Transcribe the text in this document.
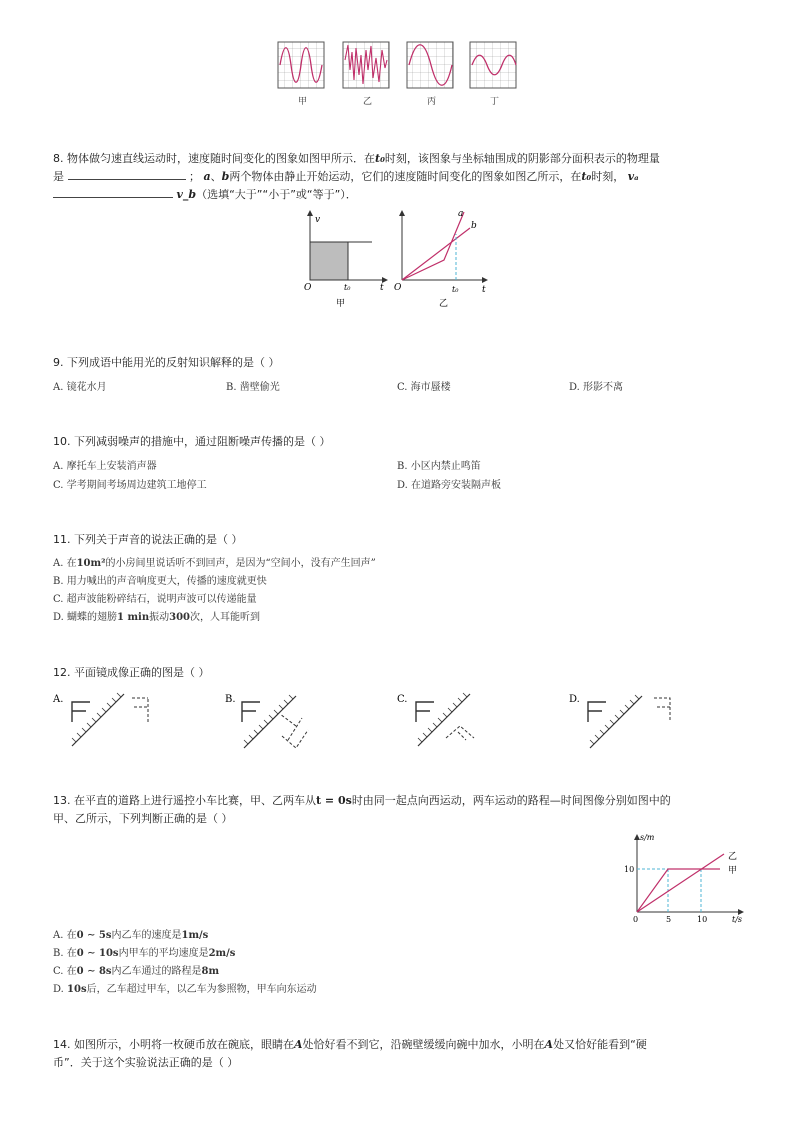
甲	乙	丙	丁
8. 物体做匀速直线运动时，速度随时间变化的图象如图甲所示．在t₀时刻，该图象与坐标轴围成的阴影部分面积表示的物理量
是	； a、b两个物体由静止开始运动，它们的速度随时间变化的图象如图乙所示，在t₀时刻， vₐ
v_b（选填“大于”“小于”或“等于”）．
v
O	t₀	t
甲
O	t₀	t
a
b
乙
9. 下列成语中能用光的反射知识解释的是（ ）
A. 镜花水月	B. 凿壁偷光	C. 海市蜃楼	D. 形影不离
10. 下列减弱噪声的措施中，通过阻断噪声传播的是（ ）
A. 摩托车上安装消声器	B. 小区内禁止鸣笛
C. 学考期间考场周边建筑工地停工	D. 在道路旁安装隔声板
11. 下列关于声音的说法正确的是（ ）
A. 在10m²的小房间里说话听不到回声，是因为“空间小，没有产生回声”
B. 用力喊出的声音响度更大，传播的速度就更快
C. 超声波能粉碎结石，说明声波可以传递能量
D. 蝴蝶的翅膀1 min振动300次，人耳能听到
12. 平面镜成像正确的图是（ ）
A.	B.	C.	D.
13. 在平直的道路上进行遥控小车比赛，甲、乙两车从t = 0s时由同一起点向西运动，两车运动的路程—时间图像分别如图中的
甲、乙所示，下列判断正确的是（ ）
s/m
t/s
10
0	5	10
乙
甲
A. 在0 ∼ 5s内乙车的速度是1m/s
B. 在0 ∼ 10s内甲车的平均速度是2m/s
C. 在0 ∼ 8s内乙车通过的路程是8m
D. 10s后，乙车超过甲车，以乙车为参照物，甲车向东运动
14. 如图所示，小明将一枚硬币放在碗底，眼睛在A处恰好看不到它，沿碗壁缓缓向碗中加水，小明在A处又恰好能看到“硬
币”．关于这个实验说法正确的是（ ）
